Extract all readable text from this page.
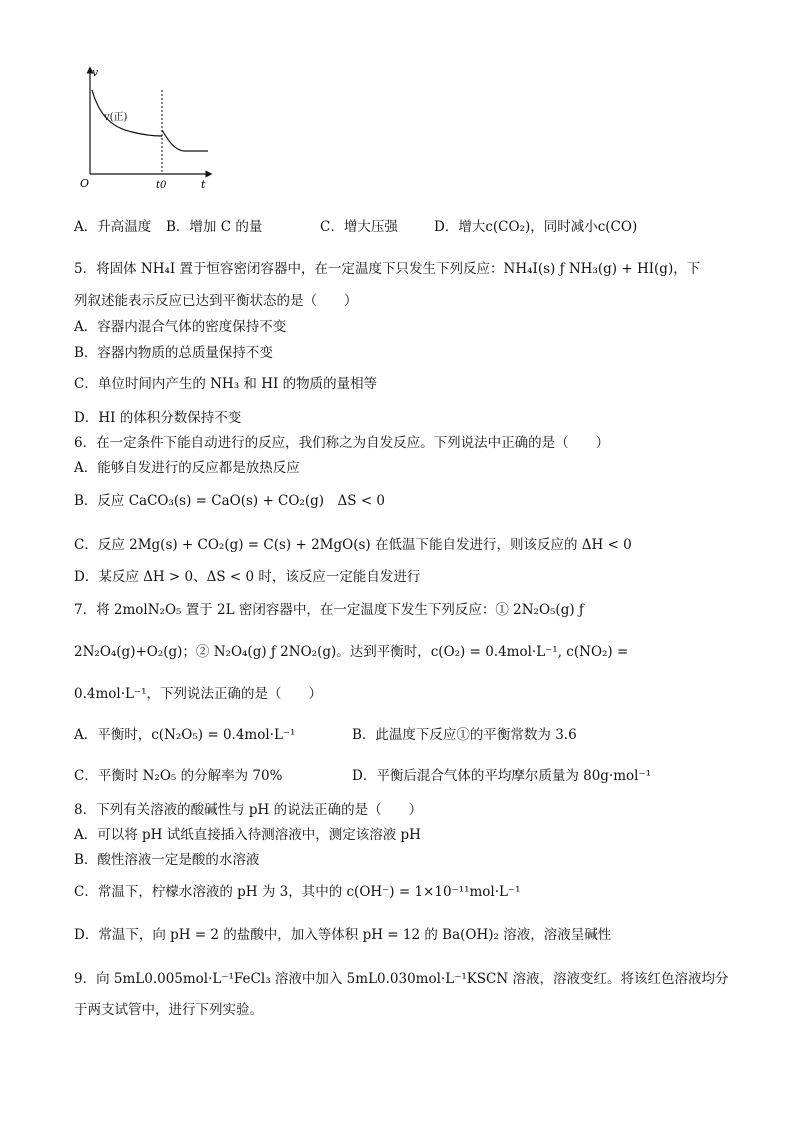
v
t
O	t0
v(正)
A．升高温度 B．增加 C 的量	C．增大压强	D．增大c(CO₂)，同时减小c(CO)
5．将固体 NH₄I 置于恒容密闭容器中，在一定温度下只发生下列反应：NH₄I(s) ƒ NH₃(g) + HI(g)，下
列叙述能表示反应已达到平衡状态的是（　　）
A．容器内混合气体的密度保持不变
B．容器内物质的总质量保持不变
C．单位时间内产生的 NH₃ 和 HI 的物质的量相等
D．HI 的体积分数保持不变
6．在一定条件下能自动进行的反应，我们称之为自发反应。下列说法中正确的是（　　）
A．能够自发进行的反应都是放热反应
B．反应 CaCO₃(s) = CaO(s) + CO₂(g)　ΔS < 0
C．反应 2Mg(s) + CO₂(g) = C(s) + 2MgO(s) 在低温下能自发进行，则该反应的 ΔH < 0
D．某反应 ΔH > 0、ΔS < 0 时，该反应一定能自发进行
7．将 2molN₂O₅ 置于 2L 密闭容器中，在一定温度下发生下列反应：① 2N₂O₅(g) ƒ
2N₂O₄(g)+O₂(g)；② N₂O₄(g) ƒ 2NO₂(g)。达到平衡时，c(O₂) = 0.4mol·L⁻¹, c(NO₂) =
0.4mol·L⁻¹，下列说法正确的是（　　）
A．平衡时，c(N₂O₅) = 0.4mol·L⁻¹	B．此温度下反应①的平衡常数为 3.6
C．平衡时 N₂O₅ 的分解率为 70%	D．平衡后混合气体的平均摩尔质量为 80g·mol⁻¹
8．下列有关溶液的酸碱性与 pH 的说法正确的是（　　）
A．可以将 pH 试纸直接插入待测溶液中，测定该溶液 pH
B．酸性溶液一定是酸的水溶液
C．常温下，柠檬水溶液的 pH 为 3，其中的 c(OH⁻) = 1×10⁻¹¹mol·L⁻¹
D．常温下，向 pH = 2 的盐酸中，加入等体积 pH = 12 的 Ba(OH)₂ 溶液，溶液呈碱性
9．向 5mL0.005mol·L⁻¹FeCl₃ 溶液中加入 5mL0.030mol·L⁻¹KSCN 溶液，溶液变红。将该红色溶液均分
于两支试管中，进行下列实验。
